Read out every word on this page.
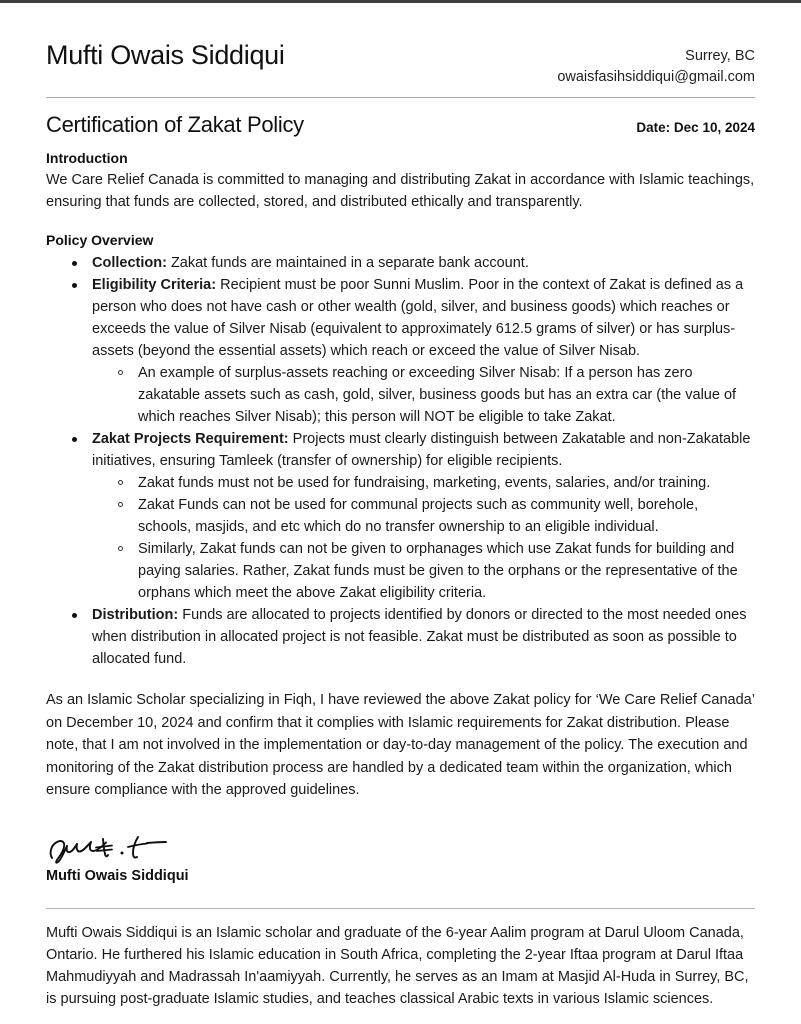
Mufti Owais Siddiqui	Surrey, BC
owaisfasihsiddiqui@gmail.com
Certification of Zakat Policy	Date: Dec 10, 2024
Introduction

We Care Relief Canada is committed to managing and distributing Zakat in accordance with Islamic teachings, ensuring that funds are collected, stored, and distributed ethically and transparently.

Policy Overview
Collection: Zakat funds are maintained in a separate bank account.
Eligibility Criteria: Recipient must be poor Sunni Muslim. Poor in the context of Zakat is defined as a person who does not have cash or other wealth (gold, silver, and business goods) which reaches or exceeds the value of Silver Nisab (equivalent to approximately 612.5 grams of silver) or has surplus-assets (beyond the essential assets) which reach or exceed the value of Silver Nisab.
An example of surplus-assets reaching or exceeding Silver Nisab: If a person has zero zakatable assets such as cash, gold, silver, business goods but has an extra car (the value of which reaches Silver Nisab); this person will NOT be eligible to take Zakat.
Zakat Projects Requirement: Projects must clearly distinguish between Zakatable and non-Zakatable initiatives, ensuring Tamleek (transfer of ownership) for eligible recipients.
Zakat funds must not be used for fundraising, marketing, events, salaries, and/or training.
Zakat Funds can not be used for communal projects such as community well, borehole, schools, masjids, and etc which do no transfer ownership to an eligible individual.
Similarly, Zakat funds can not be given to orphanages which use Zakat funds for building and paying salaries. Rather, Zakat funds must be given to the orphans or the representative of the orphans which meet the above Zakat eligibility criteria.
Distribution: Funds are allocated to projects identified by donors or directed to the most needed ones when distribution in allocated project is not feasible. Zakat must be distributed as soon as possible to allocated fund.

As an Islamic Scholar specializing in Fiqh, I have reviewed the above Zakat policy for ‘We Care Relief Canada’ on December 10, 2024 and confirm that it complies with Islamic requirements for Zakat distribution. Please note, that I am not involved in the implementation or day-to-day management of the policy. The execution and monitoring of the Zakat distribution process are handled by a dedicated team within the organization, which ensure compliance with the approved guidelines.

Mufti Owais Siddiqui

Mufti Owais Siddiqui is an Islamic scholar and graduate of the 6-year Aalim program at Darul Uloom Canada, Ontario. He furthered his Islamic education in South Africa, completing the 2-year Iftaa program at Darul Iftaa Mahmudiyyah and Madrassah In'aamiyyah. Currently, he serves as an Imam at Masjid Al-Huda in Surrey, BC, is pursuing post-graduate Islamic studies, and teaches classical Arabic texts in various Islamic sciences.
